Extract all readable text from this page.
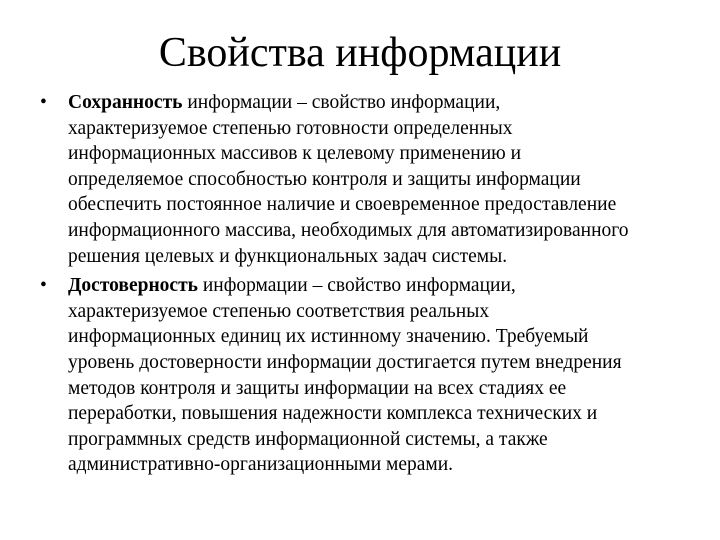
Свойства информации
• Сохранность информации – свойство информации,
характеризуемое степенью готовности определенных
информационных массивов к целевому применению и
определяемое способностью контроля и защиты информации
обеспечить постоянное наличие и своевременное предоставление
информационного массива, необходимых для автоматизированного
решения целевых и функциональных задач системы.
• Достоверность информации – свойство информации,
характеризуемое степенью соответствия реальных
информационных единиц их истинному значению. Требуемый
уровень достоверности информации достигается путем внедрения
методов контроля и защиты информации на всех стадиях ее
переработки, повышения надежности комплекса технических и
программных средств информационной системы, а также
административно-организационными мерами.
